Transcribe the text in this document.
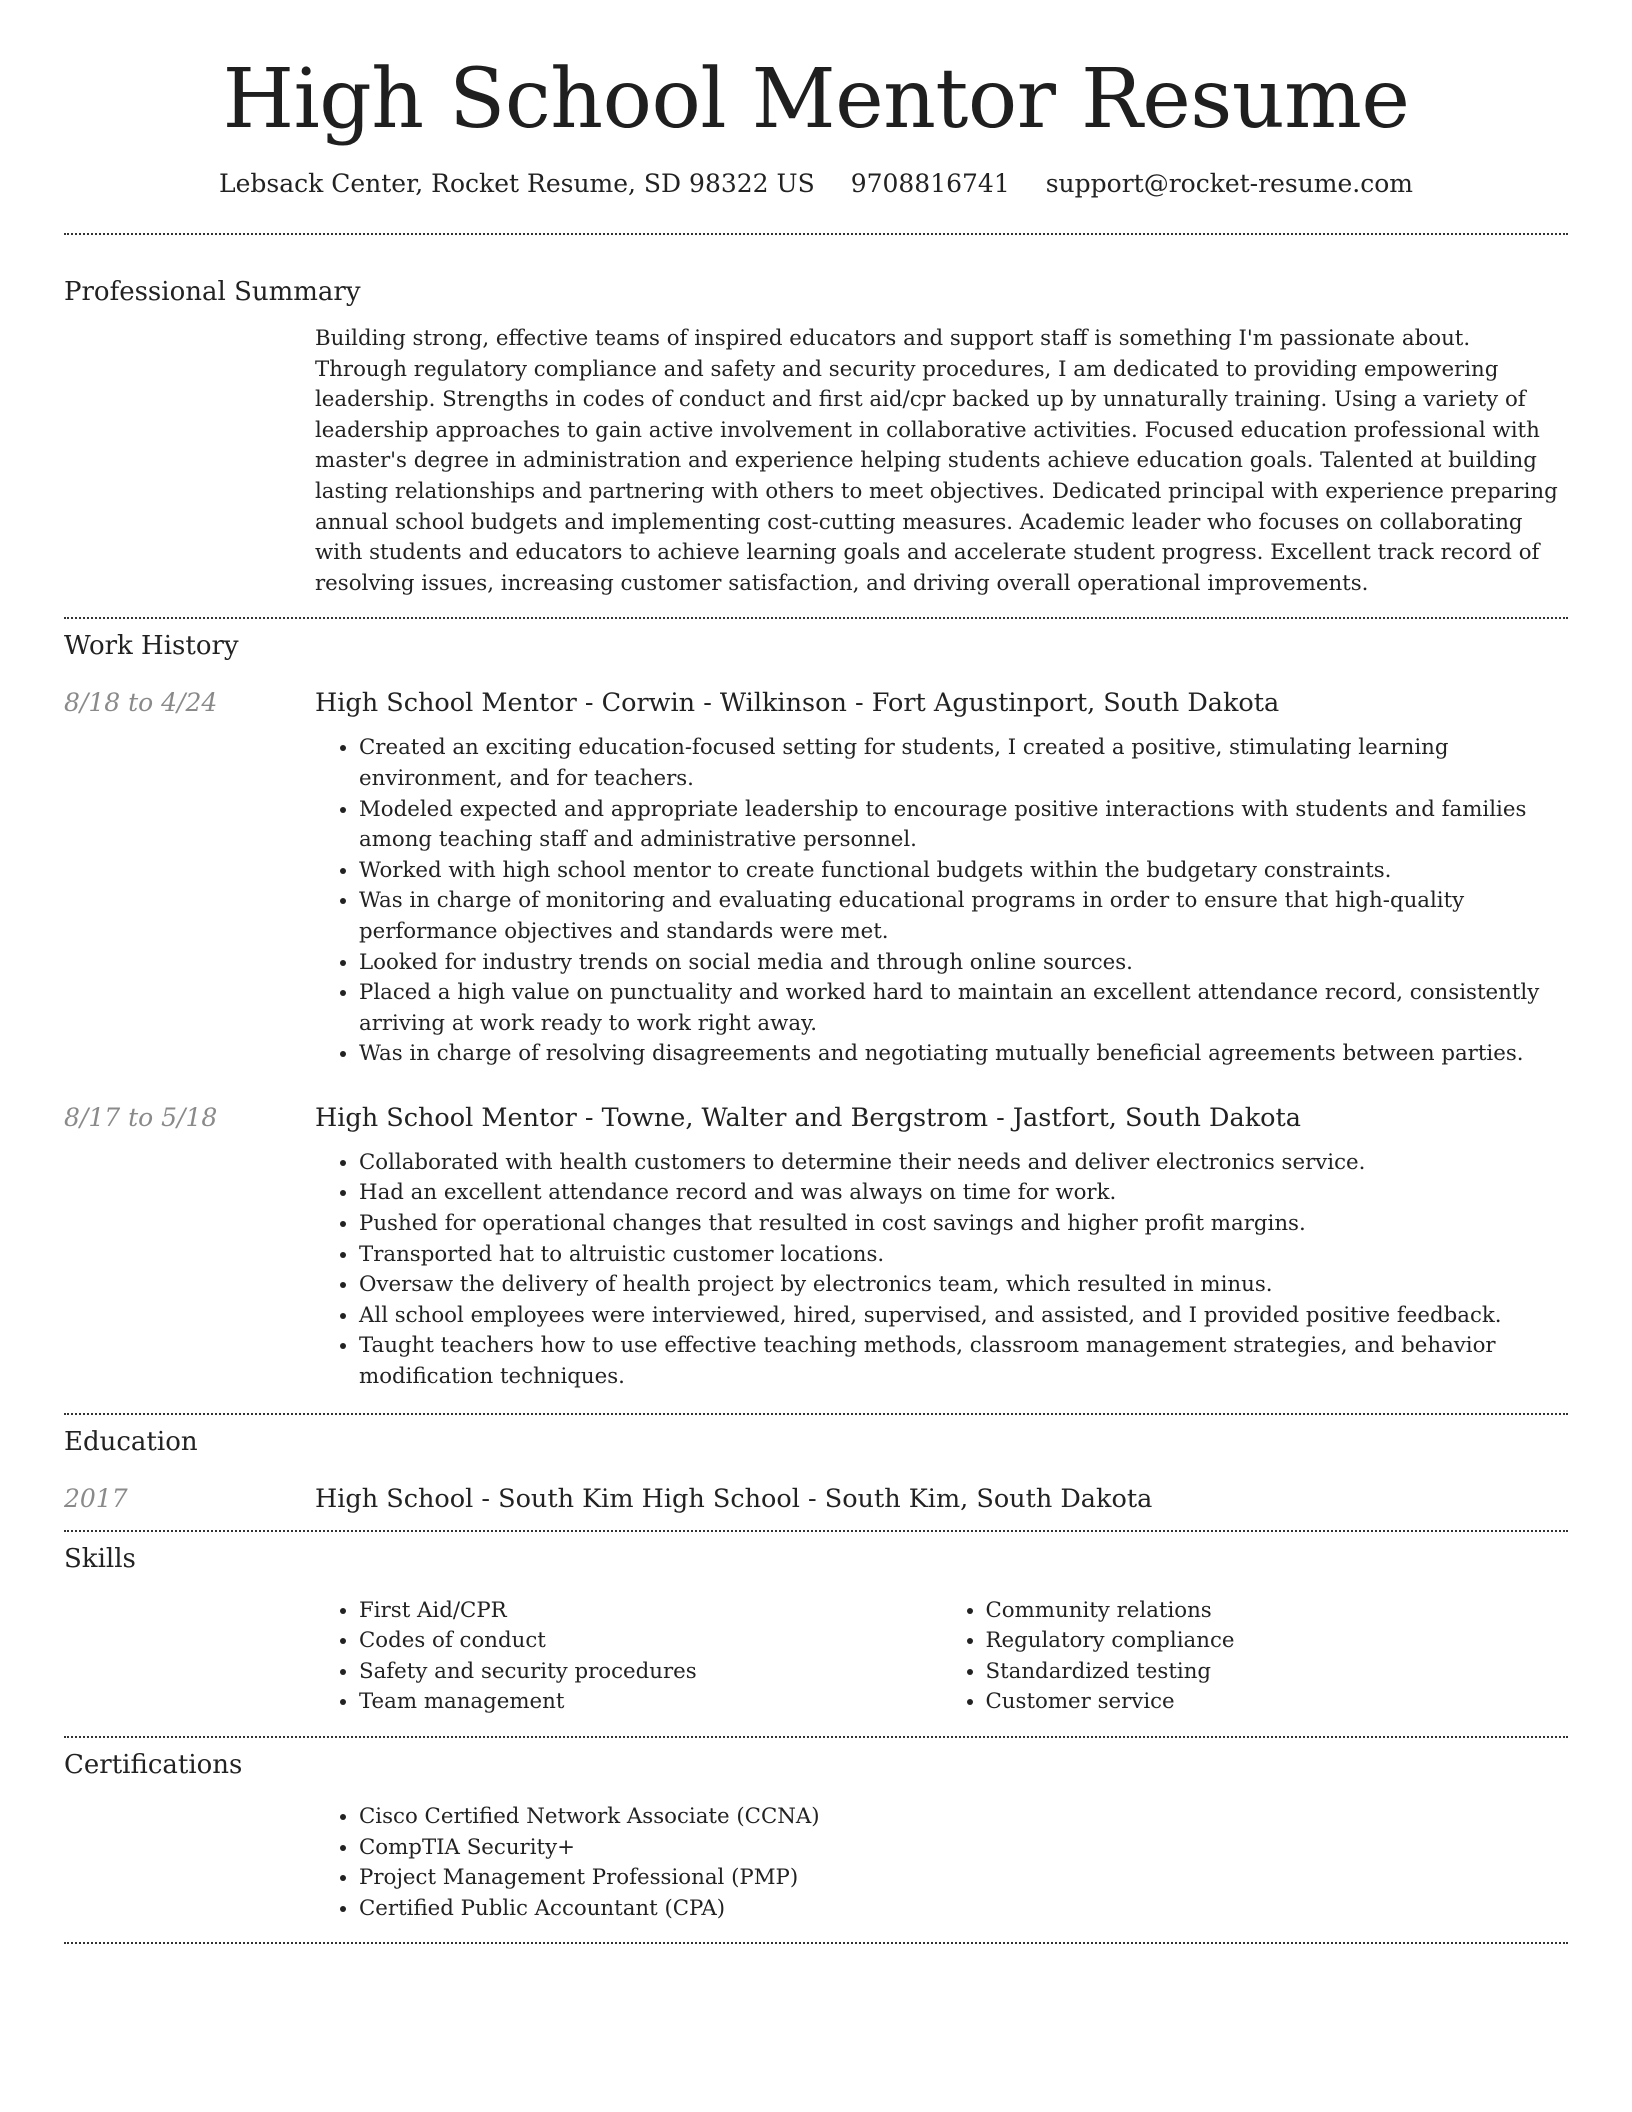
High School Mentor Resume
Lebsack Center, Rocket Resume, SD 98322 US 9708816741 support@rocket-resume.com
Professional Summary
Building strong, effective teams of inspired educators and support staff is something I'm passionate about. Through regulatory compliance and safety and security procedures, I am dedicated to providing empowering leadership. Strengths in codes of conduct and first aid/cpr backed up by unnaturally training. Using a variety of leadership approaches to gain active involvement in collaborative activities. Focused education professional with master's degree in administration and experience helping students achieve education goals. Talented at building lasting relationships and partnering with others to meet objectives. Dedicated principal with experience preparing annual school budgets and implementing cost-cutting measures. Academic leader who focuses on collaborating with students and educators to achieve learning goals and accelerate student progress. Excellent track record of resolving issues, increasing customer satisfaction, and driving overall operational improvements.
Work History
8/18 to 4/24	High School Mentor - Corwin - Wilkinson - Fort Agustinport, South Dakota
• Created an exciting education-focused setting for students, I created a positive, stimulating learning environment, and for teachers.
• Modeled expected and appropriate leadership to encourage positive interactions with students and families among teaching staff and administrative personnel.
• Worked with high school mentor to create functional budgets within the budgetary constraints.
• Was in charge of monitoring and evaluating educational programs in order to ensure that high-quality performance objectives and standards were met.
• Looked for industry trends on social media and through online sources.
• Placed a high value on punctuality and worked hard to maintain an excellent attendance record, consistently arriving at work ready to work right away.
• Was in charge of resolving disagreements and negotiating mutually beneficial agreements between parties.
8/17 to 5/18	High School Mentor - Towne, Walter and Bergstrom - Jastfort, South Dakota
• Collaborated with health customers to determine their needs and deliver electronics service.
• Had an excellent attendance record and was always on time for work.
• Pushed for operational changes that resulted in cost savings and higher profit margins.
• Transported hat to altruistic customer locations.
• Oversaw the delivery of health project by electronics team, which resulted in minus.
• All school employees were interviewed, hired, supervised, and assisted, and I provided positive feedback.
• Taught teachers how to use effective teaching methods, classroom management strategies, and behavior modification techniques.
Education
2017	High School - South Kim High School - South Kim, South Dakota
Skills
• First Aid/CPR
• Codes of conduct
• Safety and security procedures
• Team management
• Community relations
• Regulatory compliance
• Standardized testing
• Customer service
Certifications
• Cisco Certified Network Associate (CCNA)
• CompTIA Security+
• Project Management Professional (PMP)
• Certified Public Accountant (CPA)
